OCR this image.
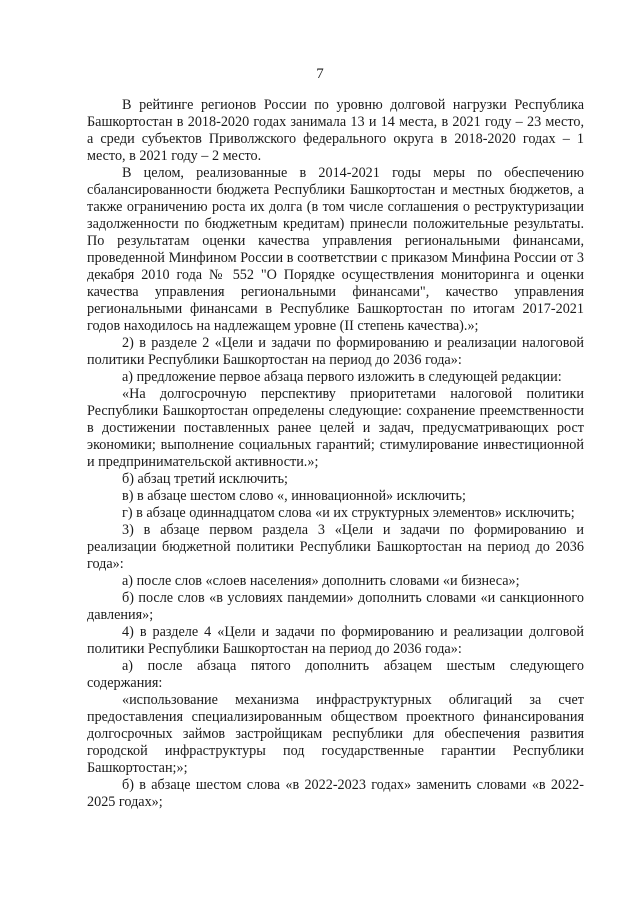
7

В рейтинге регионов России по уровню долговой нагрузки Республика Башкортостан в 2018-2020 годах занимала 13 и 14 места, в 2021 году – 23 место, а среди субъектов Приволжского федерального округа в 2018-2020 годах – 1 место, в 2021 году – 2 место.

В целом, реализованные в 2014-2021 годы меры по обеспечению сбалансированности бюджета Республики Башкортостан и местных бюджетов, а также ограничению роста их долга (в том числе соглашения о реструктуризации задолженности по бюджетным кредитам) принесли положительные результаты. По результатам оценки качества управления региональными финансами, проведенной Минфином России в соответствии с приказом Минфина России от 3 декабря 2010 года № 552 "О Порядке осуществления мониторинга и оценки качества управления региональными финансами", качество управления региональными финансами в Республике Башкортостан по итогам 2017-2021 годов находилось на надлежащем уровне (II степень качества).»;

2) в разделе 2 «Цели и задачи по формированию и реализации налоговой политики Республики Башкортостан на период до 2036 года»:

а) предложение первое абзаца первого изложить в следующей редакции:

«На долгосрочную перспективу приоритетами налоговой политики Республики Башкортостан определены следующие: сохранение преемственности в достижении поставленных ранее целей и задач, предусматривающих рост экономики; выполнение социальных гарантий; стимулирование инвестиционной и предпринимательской активности.»;

б) абзац третий исключить;

в) в абзаце шестом слово «, инновационной» исключить;

г) в абзаце одиннадцатом слова «и их структурных элементов» исключить;

3) в абзаце первом раздела 3 «Цели и задачи по формированию и реализации бюджетной политики Республики Башкортостан на период до 2036 года»:

а) после слов «слоев населения» дополнить словами «и бизнеса»;

б) после слов «в условиях пандемии» дополнить словами «и санкционного давления»;

4) в разделе 4 «Цели и задачи по формированию и реализации долговой политики Республики Башкортостан на период до 2036 года»:

а) после абзаца пятого дополнить абзацем шестым следующего содержания:

«использование механизма инфраструктурных облигаций за счет предоставления специализированным обществом проектного финансирования долгосрочных займов застройщикам республики для обеспечения развития городской инфраструктуры под государственные гарантии Республики Башкортостан;»;

б) в абзаце шестом слова «в 2022-2023 годах» заменить словами «в 2022-2025 годах»;
